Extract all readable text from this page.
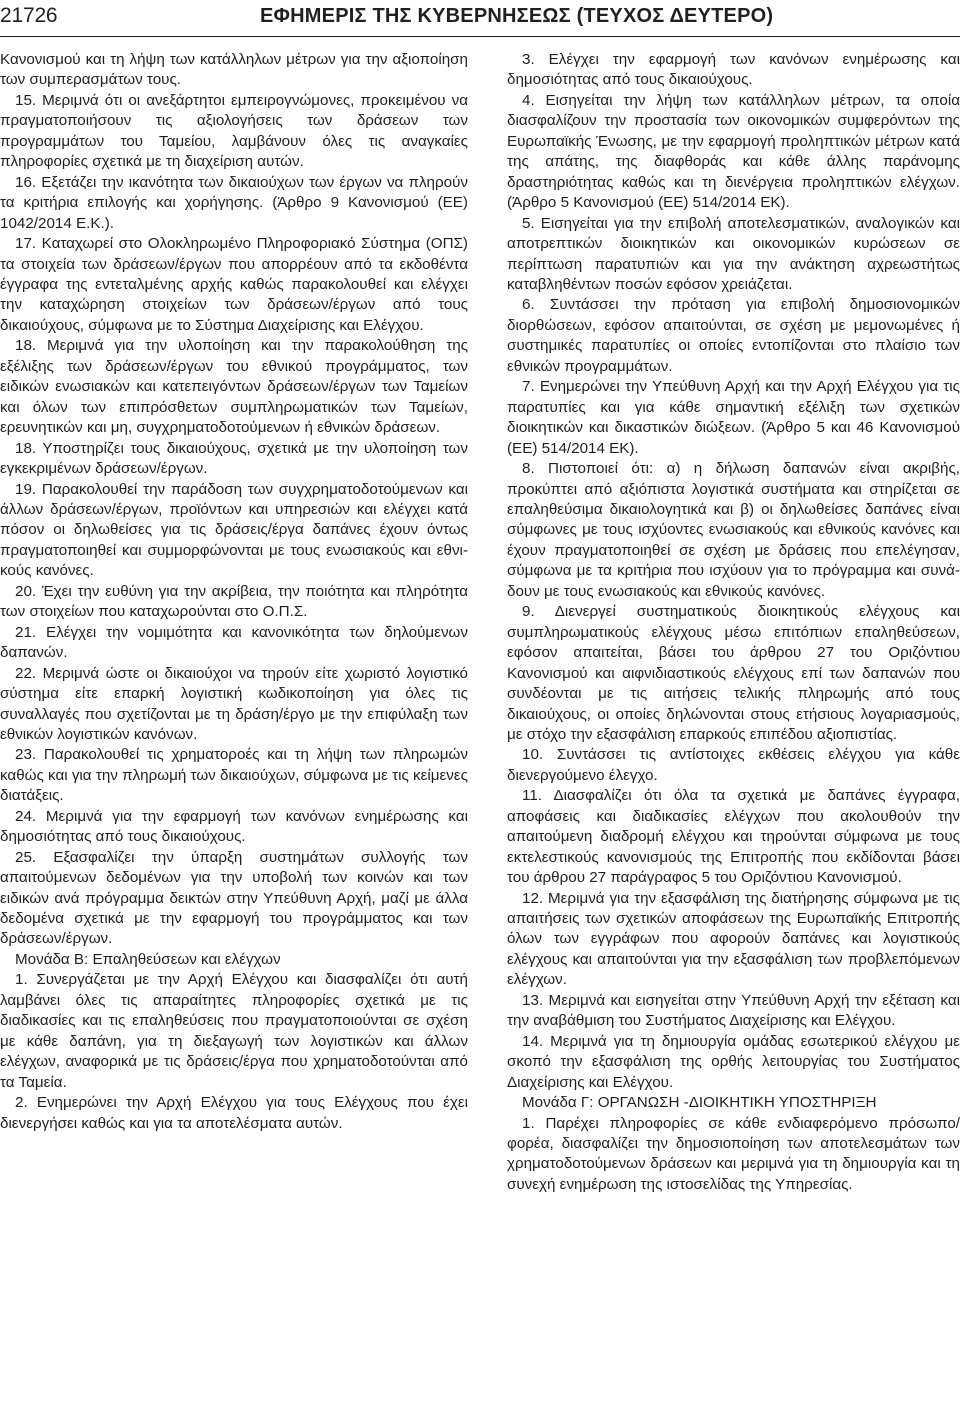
21726	ΕΦΗΜΕΡΙΣ ΤΗΣ ΚΥΒΕΡΝΗΣΕΩΣ (ΤΕΥΧΟΣ ΔΕΥΤΕΡΟ)

Κανονισμού και τη λήψη των κατάλληλων μέτρων για την αξιοποίηση των συμπερασμάτων τους.

15. Μεριμνά ότι οι ανεξάρτητοι εμπειρογνώμονες, προκειμένου να πραγματοποιήσουν τις αξιολογήσεις των δράσεων των προγραμμάτων του Ταμείου, λαμβάνουν όλες τις αναγκαίες πληροφορίες σχετικά με τη διαχείριση αυτών.

16. Εξετάζει την ικανότητα των δικαιούχων των έργων να πληρούν τα κριτήρια επιλογής και χορήγησης. (Άρθρο 9 Κανονισμού (ΕΕ) 1042/2014 Ε.Κ.).

17. Καταχωρεί στο Ολοκληρωμένο Πληροφοριακό Σύστημα (ΟΠΣ) τα στοιχεία των δράσεων/έργων που απορρέουν από τα εκδοθέντα έγγραφα της εντεταλμένης αρχής καθώς παρακολουθεί και ελέγχει την καταχώρηση στοιχείων των δράσεων/έργων από τους δικαιούχους, σύμφωνα με το Σύστημα Διαχείρισης και Ελέγχου.

18. Μεριμνά για την υλοποίηση και την παρακολούθηση της εξέλιξης των δράσεων/έργων του εθνικού προγράμματος, των ειδικών ενωσιακών και κατεπειγόντων δράσεων/έργων των Ταμείων και όλων των επιπρόσθετων συμπληρωματικών των Ταμείων, ερευνητικών και μη, συγχρηματοδοτούμενων ή εθνικών δράσεων.

18. Υποστηρίζει τους δικαιούχους, σχετικά με την υλοποίηση των εγκεκριμένων δράσεων/έργων.

19. Παρακολουθεί την παράδοση των συγχρηματοδοτούμενων και άλλων δράσεων/έργων, προϊόντων και υπηρεσιών και ελέγχει κατά πόσον οι δηλωθείσες για τις δράσεις/έργα δαπάνες έχουν όντως πραγματοποιηθεί και συμμορφώνονται με τους ενωσιακούς και εθνικούς κανόνες.

20. Έχει την ευθύνη για την ακρίβεια, την ποιότητα και πληρότητα των στοιχείων που καταχωρούνται στο Ο.Π.Σ.

21. Ελέγχει την νομιμότητα και κανονικότητα των δηλούμενων δαπανών.

22. Μεριμνά ώστε οι δικαιούχοι να τηρούν είτε χωριστό λογιστικό σύστημα είτε επαρκή λογιστική κωδικοποίηση για όλες τις συναλλαγές που σχετίζονται με τη δράση/έργο με την επιφύλαξη των εθνικών λογιστικών κανόνων.

23. Παρακολουθεί τις χρηματοροές και τη λήψη των πληρωμών καθώς και για την πληρωμή των δικαιούχων, σύμφωνα με τις κείμενες διατάξεις.

24. Μεριμνά για την εφαρμογή των κανόνων ενημέρωσης και δημοσιότητας από τους δικαιούχους.

25. Εξασφαλίζει την ύπαρξη συστημάτων συλλογής των απαιτούμενων δεδομένων για την υποβολή των κοινών και των ειδικών ανά πρόγραμμα δεικτών στην Υπεύθυνη Αρχή, μαζί με άλλα δεδομένα σχετικά με την εφαρμογή του προγράμματος και των δράσεων/έργων.

Μονάδα Β: Επαληθεύσεων και ελέγχων

1. Συνεργάζεται με την Αρχή Ελέγχου και διασφαλίζει ότι αυτή λαμβάνει όλες τις απαραίτητες πληροφορίες σχετικά με τις διαδικασίες και τις επαληθεύσεις που πραγματοποιούνται σε σχέση με κάθε δαπάνη, για τη διεξαγωγή των λογιστικών και άλλων ελέγχων, αναφορικά με τις δράσεις/έργα που χρηματοδοτούνται από τα Ταμεία.

2. Ενημερώνει την Αρχή Ελέγχου για τους Ελέγχους που έχει διενεργήσει καθώς και για τα αποτελέσματα αυτών.

3. Ελέγχει την εφαρμογή των κανόνων ενημέρωσης και δημοσιότητας από τους δικαιούχους.

4. Εισηγείται την λήψη των κατάλληλων μέτρων, τα οποία διασφαλίζουν την προστασία των οικονομικών συμφερόντων της Ευρωπαϊκής Ένωσης, με την εφαρμογή προληπτικών μέτρων κατά της απάτης, της διαφθοράς και κάθε άλλης παράνομης δραστηριότητας καθώς και τη διενέργεια προληπτικών ελέγχων. (Άρθρο 5 Κανονισμού (ΕΕ) 514/2014 ΕΚ).

5. Εισηγείται για την επιβολή αποτελεσματικών, αναλογικών και αποτρεπτικών διοικητικών και οικονομικών κυρώσεων σε περίπτωση παρατυπιών και για την ανάκτηση αχρεωστήτως καταβληθέντων ποσών εφόσον χρειάζεται.

6. Συντάσσει την πρόταση για επιβολή δημοσιονομικών διορθώσεων, εφόσον απαιτούνται, σε σχέση με μεμονωμένες ή συστημικές παρατυπίες οι οποίες εντοπίζονται στο πλαίσιο των εθνικών προγραμμάτων.

7. Ενημερώνει την Υπεύθυνη Αρχή και την Αρχή Ελέγχου για τις παρατυπίες και για κάθε σημαντική εξέλιξη των σχετικών διοικητικών και δικαστικών διώξεων. (Άρθρο 5 και 46 Κανονισμού (ΕΕ) 514/2014 ΕΚ).

8. Πιστοποιεί ότι: α) η δήλωση δαπανών είναι ακριβής, προκύπτει από αξιόπιστα λογιστικά συστήματα και στηρίζεται σε επαληθεύσιμα δικαιολογητικά και β) οι δηλωθείσες δαπάνες είναι σύμφωνες με τους ισχύοντες ενωσιακούς και εθνικούς κανόνες και έχουν πραγματοποιηθεί σε σχέση με δράσεις που επελέγησαν, σύμφωνα με τα κριτήρια που ισχύουν για το πρόγραμμα και συνάδουν με τους ενωσιακούς και εθνικούς κανόνες.

9. Διενεργεί συστηματικούς διοικητικούς ελέγχους και συμπληρωματικούς ελέγχους μέσω επιτόπιων επαληθεύσεων, εφόσον απαιτείται, βάσει του άρθρου 27 του Οριζόντιου Κανονισμού και αιφνιδιαστικούς ελέγχους επί των δαπανών που συνδέονται με τις αιτήσεις τελικής πληρωμής από τους δικαιούχους, οι οποίες δηλώνονται στους ετήσιους λογαριασμούς, με στόχο την εξασφάλιση επαρκούς επιπέδου αξιοπιστίας.

10. Συντάσσει τις αντίστοιχες εκθέσεις ελέγχου για κάθε διενεργούμενο έλεγχο.

11. Διασφαλίζει ότι όλα τα σχετικά με δαπάνες έγγραφα, αποφάσεις και διαδικασίες ελέγχων που ακολουθούν την απαιτούμενη διαδρομή ελέγχου και τηρούνται σύμφωνα με τους εκτελεστικούς κανονισμούς της Επιτροπής που εκδίδονται βάσει του άρθρου 27 παράγραφος 5 του Οριζόντιου Κανονισμού.

12. Μεριμνά για την εξασφάλιση της διατήρησης σύμφωνα με τις απαιτήσεις των σχετικών αποφάσεων της Ευρωπαϊκής Επιτροπής όλων των εγγράφων που αφορούν δαπάνες και λογιστικούς ελέγχους και απαιτούνται για την εξασφάλιση των προβλεπόμενων ελέγχων.

13. Μεριμνά και εισηγείται στην Υπεύθυνη Αρχή την εξέταση και την αναβάθμιση του Συστήματος Διαχείρισης και Ελέγχου.

14. Μεριμνά για τη δημιουργία ομάδας εσωτερικού ελέγχου με σκοπό την εξασφάλιση της ορθής λειτουργίας του Συστήματος Διαχείρισης και Ελέγχου.

Μονάδα Γ: ΟΡΓΑΝΩΣΗ -ΔΙΟΙΚΗΤΙΚΗ ΥΠΟΣΤΗΡΙΞΗ

1. Παρέχει πληροφορίες σε κάθε ενδιαφερόμενο πρόσωπο/φορέα, διασφαλίζει την δημοσιοποίηση των αποτελεσμάτων των χρηματοδοτούμενων δράσεων και μεριμνά για τη δημιουργία και τη συνεχή ενημέρωση της ιστοσελίδας της Υπηρεσίας.
